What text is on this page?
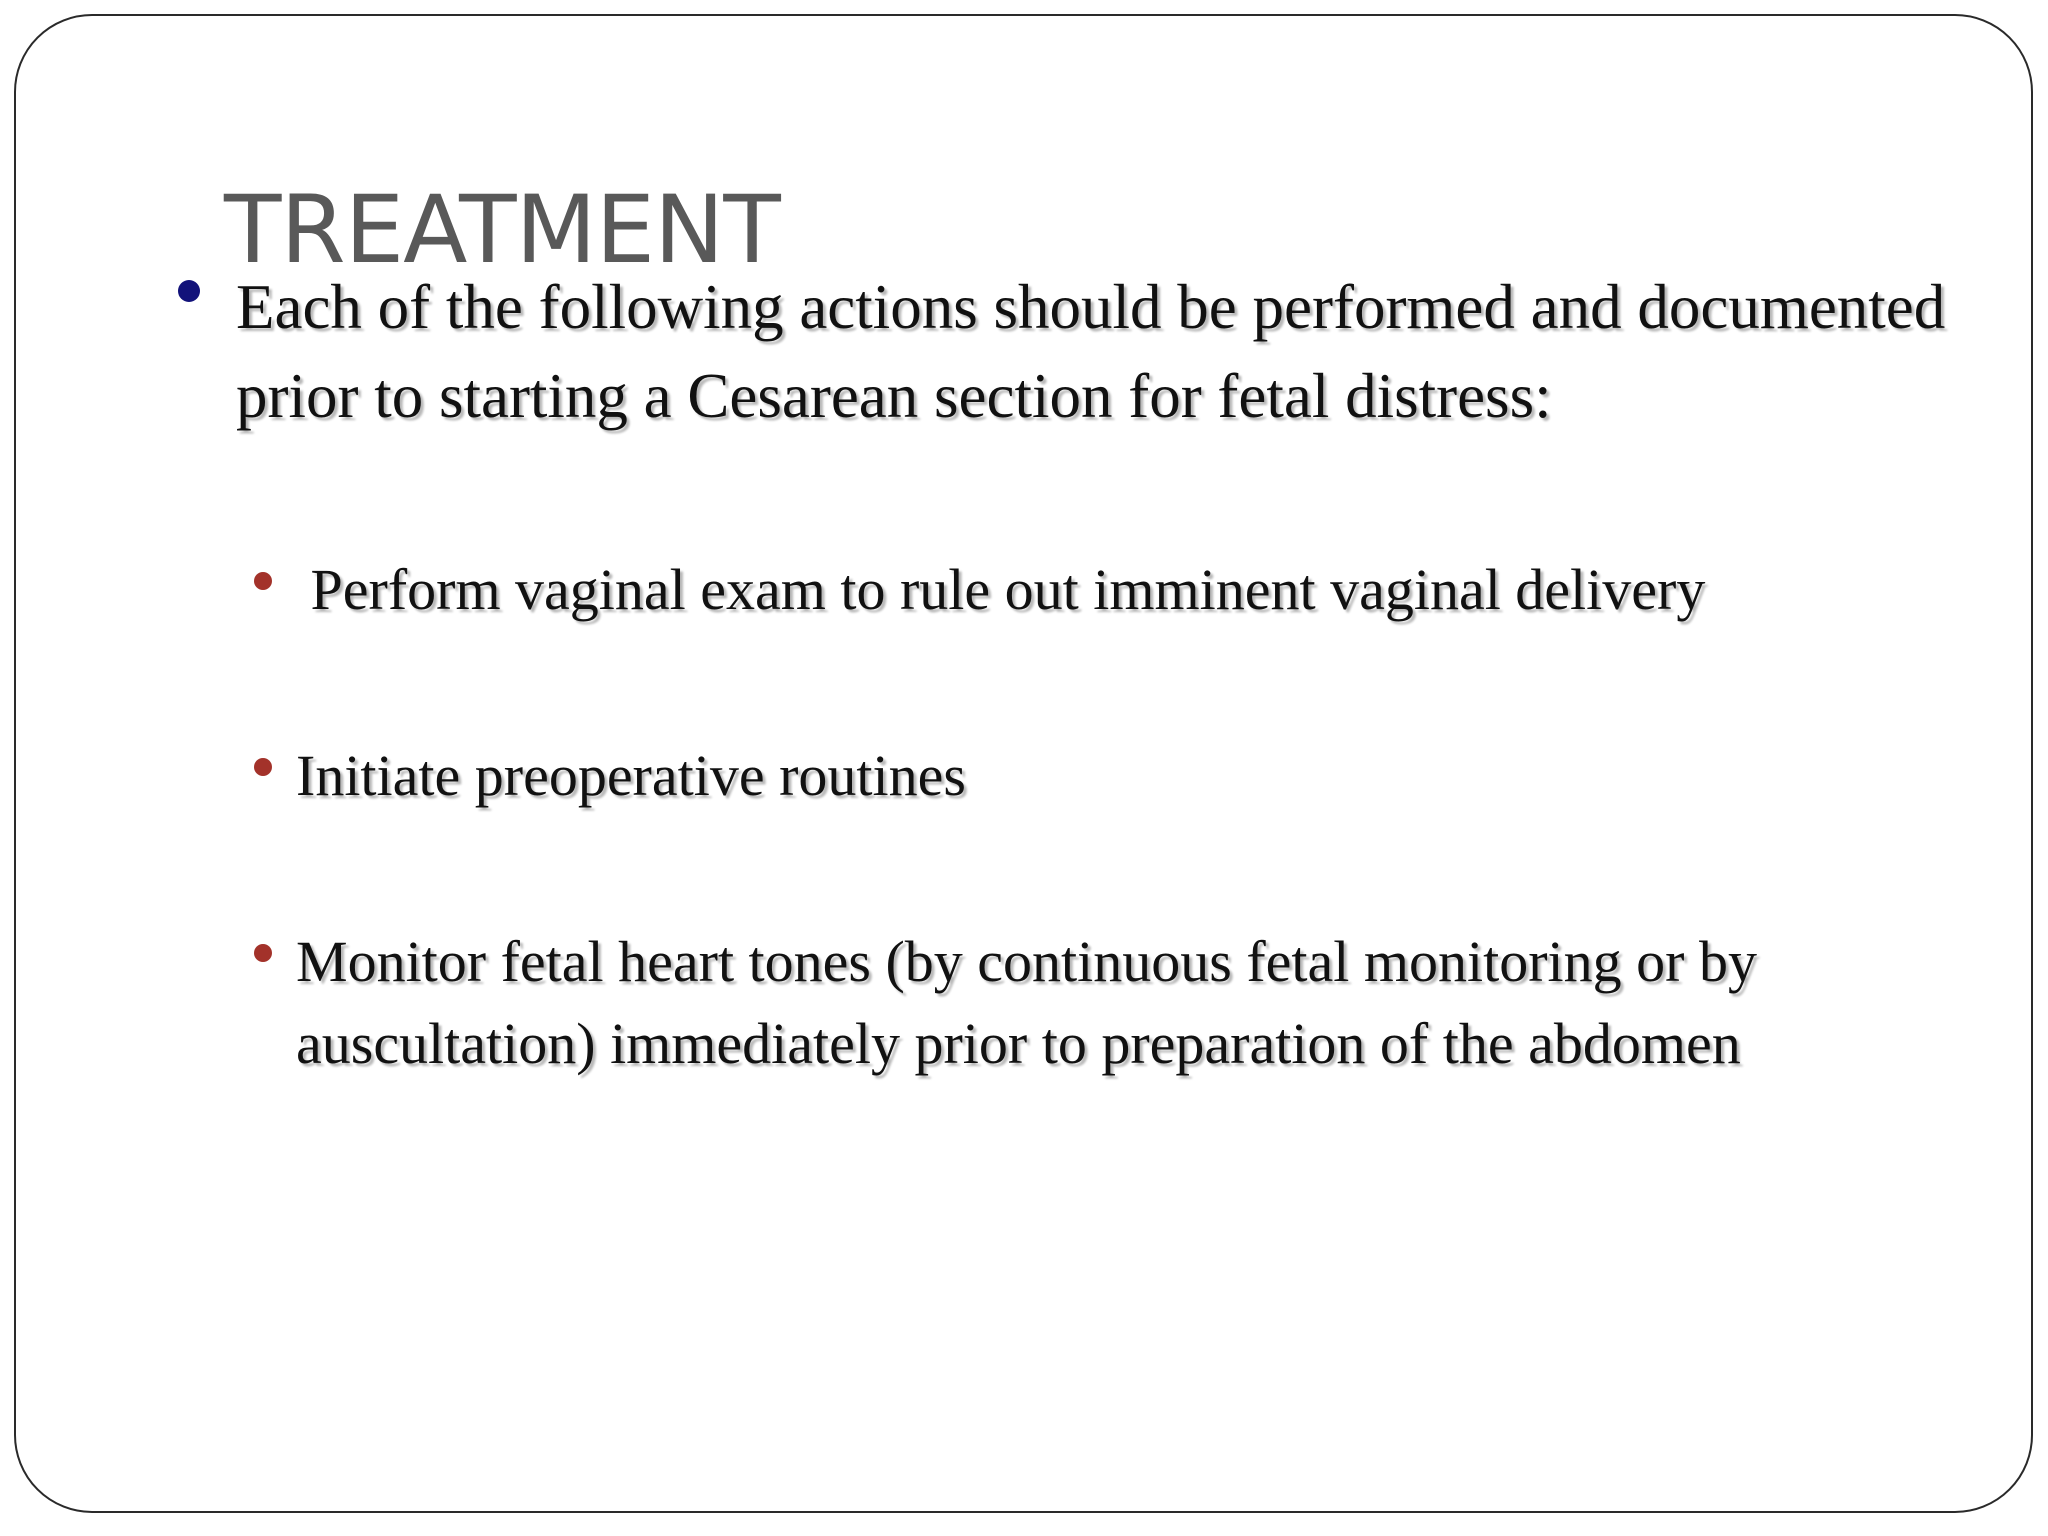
TREATMENT

Each of the following actions should be performed and documented prior to starting a Cesarean section for fetal distress:

Perform vaginal exam to rule out imminent vaginal delivery

Initiate preoperative routines

Monitor fetal heart tones (by continuous fetal monitoring or by auscultation) immediately prior to preparation of the abdomen
